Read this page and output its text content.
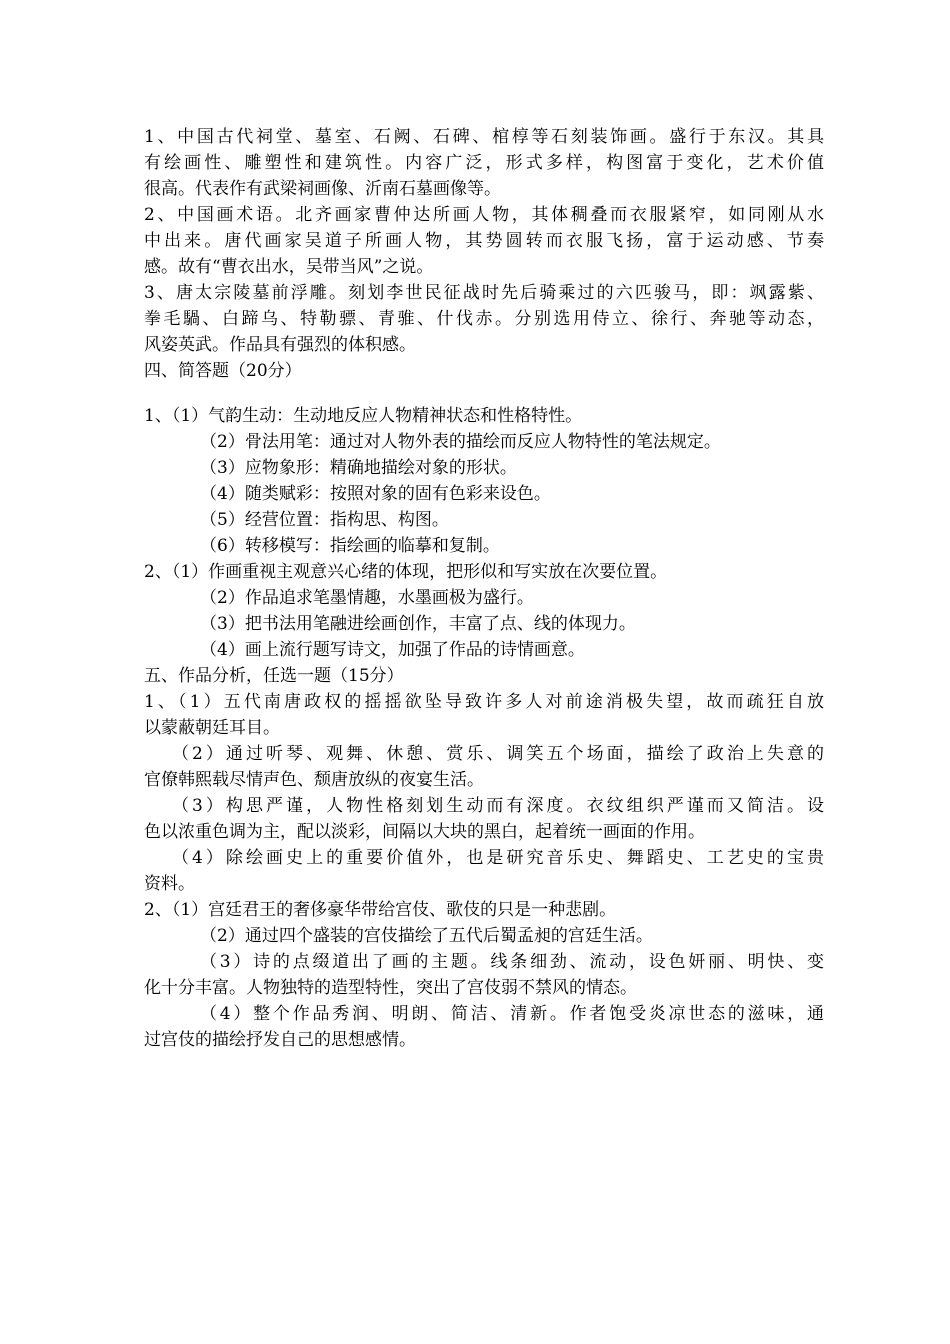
1、中国古代祠堂、墓室、石阙、石碑、棺椁等石刻装饰画。盛行于东汉。其具
有绘画性、雕塑性和建筑性。内容广泛，形式多样，构图富于变化，艺术价值
很高。代表作有武梁祠画像、沂南石墓画像等。
2、中国画术语。北齐画家曹仲达所画人物，其体稠叠而衣服紧窄，如同刚从水
中出来。唐代画家吴道子所画人物，其势圆转而衣服飞扬，富于运动感、节奏
感。故有“曹衣出水，吴带当风”之说。
3、唐太宗陵墓前浮雕。刻划李世民征战时先后骑乘过的六匹骏马，即：飒露紫、
拳毛騧、白蹄乌、特勒骠、青骓、什伐赤。分别选用侍立、徐行、奔驰等动态，
风姿英武。作品具有强烈的体积感。
四、简答题（20分）
1、（1）气韵生动：生动地反应人物精神状态和性格特性。
（2）骨法用笔：通过对人物外表的描绘而反应人物特性的笔法规定。
（3）应物象形：精确地描绘对象的形状。
（4）随类赋彩：按照对象的固有色彩来设色。
（5）经营位置：指构思、构图。
（6）转移模写：指绘画的临摹和复制。
2、（1）作画重视主观意兴心绪的体现，把形似和写实放在次要位置。
（2）作品追求笔墨情趣，水墨画极为盛行。
（3）把书法用笔融进绘画创作，丰富了点、线的体现力。
（4）画上流行题写诗文，加强了作品的诗情画意。
五、作品分析，任选一题（15分）
1、（1）五代南唐政权的摇摇欲坠导致许多人对前途消极失望，故而疏狂自放
以蒙蔽朝廷耳目。
（2）通过听琴、观舞、休憩、赏乐、调笑五个场面，描绘了政治上失意的
官僚韩熙载尽情声色、颓唐放纵的夜宴生活。
（3）构思严谨，人物性格刻划生动而有深度。衣纹组织严谨而又简洁。设
色以浓重色调为主，配以淡彩，间隔以大块的黑白，起着统一画面的作用。
（4）除绘画史上的重要价值外，也是研究音乐史、舞蹈史、工艺史的宝贵
资料。
2、（1）宫廷君王的奢侈豪华带给宫伎、歌伎的只是一种悲剧。
（2）通过四个盛装的宫伎描绘了五代后蜀孟昶的宫廷生活。
（3）诗的点缀道出了画的主题。线条细劲、流动，设色妍丽、明快、变
化十分丰富。人物独特的造型特性，突出了宫伎弱不禁风的情态。
（4）整个作品秀润、明朗、简洁、清新。作者饱受炎凉世态的滋味，通
过宫伎的描绘抒发自己的思想感情。
